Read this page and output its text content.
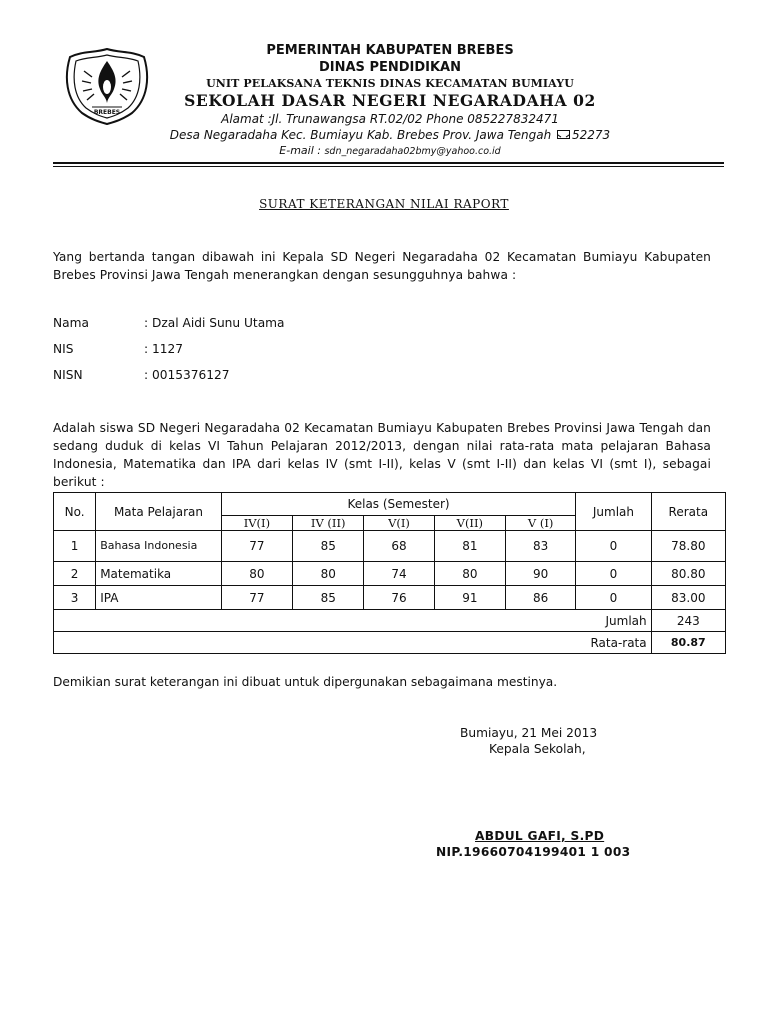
BREBES
PEMERINTAH KABUPATEN BREBES
DINAS PENDIDIKAN
UNIT PELAKSANA TEKNIS DINAS KECAMATAN BUMIAYU
SEKOLAH DASAR NEGERI NEGARADAHA 02
Alamat :Jl. Trunawangsa RT.02/02 Phone 085227832471
Desa Negaradaha Kec. Bumiayu Kab. Brebes Prov. Jawa Tengah 52273
E-mail : sdn_negaradaha02bmy@yahoo.co.id
SURAT KETERANGAN NILAI RAPORT
Yang bertanda tangan dibawah ini Kepala SD Negeri Negaradaha 02 Kecamatan Bumiayu Kabupaten Brebes Provinsi Jawa Tengah menerangkan dengan sesungguhnya bahwa :
Nama	: Dzal Aidi Sunu Utama
NIS	: 1127
NISN	: 0015376127
Adalah siswa SD Negeri Negaradaha 02 Kecamatan Bumiayu Kabupaten Brebes Provinsi Jawa Tengah dan sedang duduk di kelas VI Tahun Pelajaran 2012/2013, dengan nilai rata-rata mata pelajaran Bahasa Indonesia, Matematika dan IPA dari kelas IV (smt I-II), kelas V (smt I-II) dan kelas VI (smt I), sebagai berikut :
No.	Mata Pelajaran	Kelas (Semester)					Jumlah	Rerata
		IV(I)	IV (II)	V(I)	V(II)	V (I)		
1	Bahasa Indonesia	77	85	68	81	83	0	78.80
2	Matematika	80	80	74	80	90	0	80.80
3	IPA	77	85	76	91	86	0	83.00
Jumlah								243
Rata-rata								80.87
Demikian surat keterangan ini dibuat untuk dipergunakan sebagaimana mestinya.
Bumiayu, 21 Mei 2013
Kepala Sekolah,
ABDUL GAFI, S.PD
NIP.19660704199401 1 003
